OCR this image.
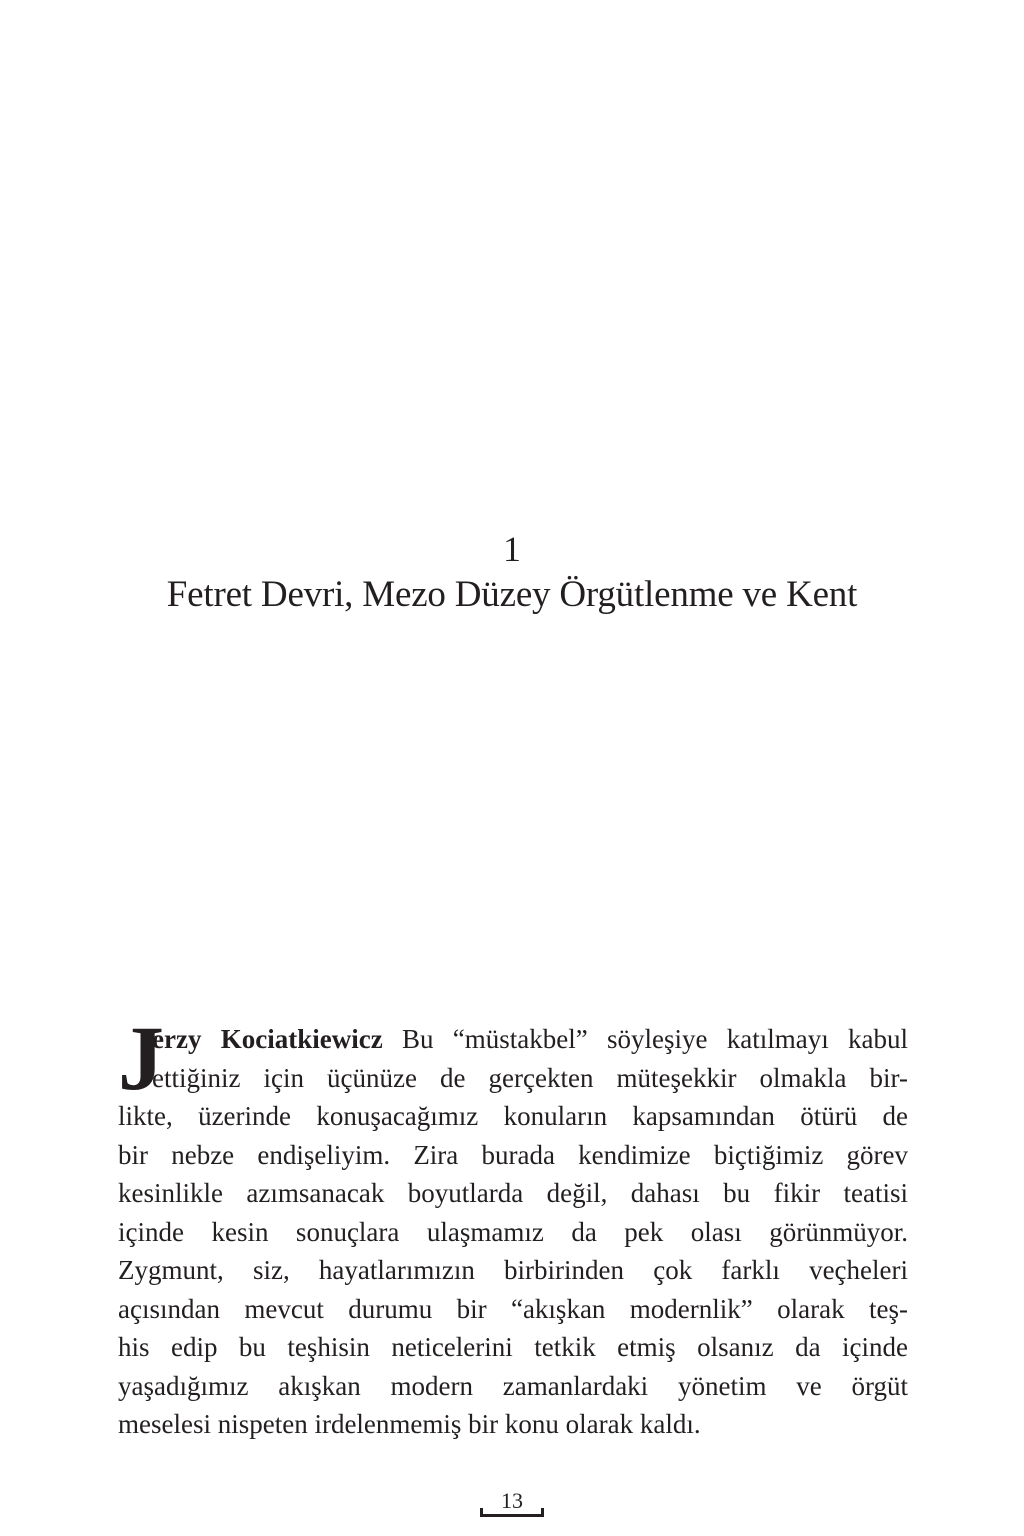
1
Fetret Devri, Mezo Düzey Örgütlenme ve Kent
J
erzy Kociatkiewicz Bu “müstakbel” söyleşiye katılmayı kabul
ettiğiniz için üçünüze de gerçekten müteşekkir olmakla bir-
likte, üzerinde konuşacağımız konuların kapsamından ötürü de
bir nebze endişeliyim. Zira burada kendimize biçtiğimiz görev
kesinlikle azımsanacak boyutlarda değil, dahası bu fikir teatisi
içinde kesin sonuçlara ulaşmamız da pek olası görünmüyor.
Zygmunt, siz, hayatlarımızın birbirinden çok farklı veçheleri
açısından mevcut durumu bir “akışkan modernlik” olarak teş-
his edip bu teşhisin neticelerini tetkik etmiş olsanız da içinde
yaşadığımız akışkan modern zamanlardaki yönetim ve örgüt
meselesi nispeten irdelenmemiş bir konu olarak kaldı.
13
